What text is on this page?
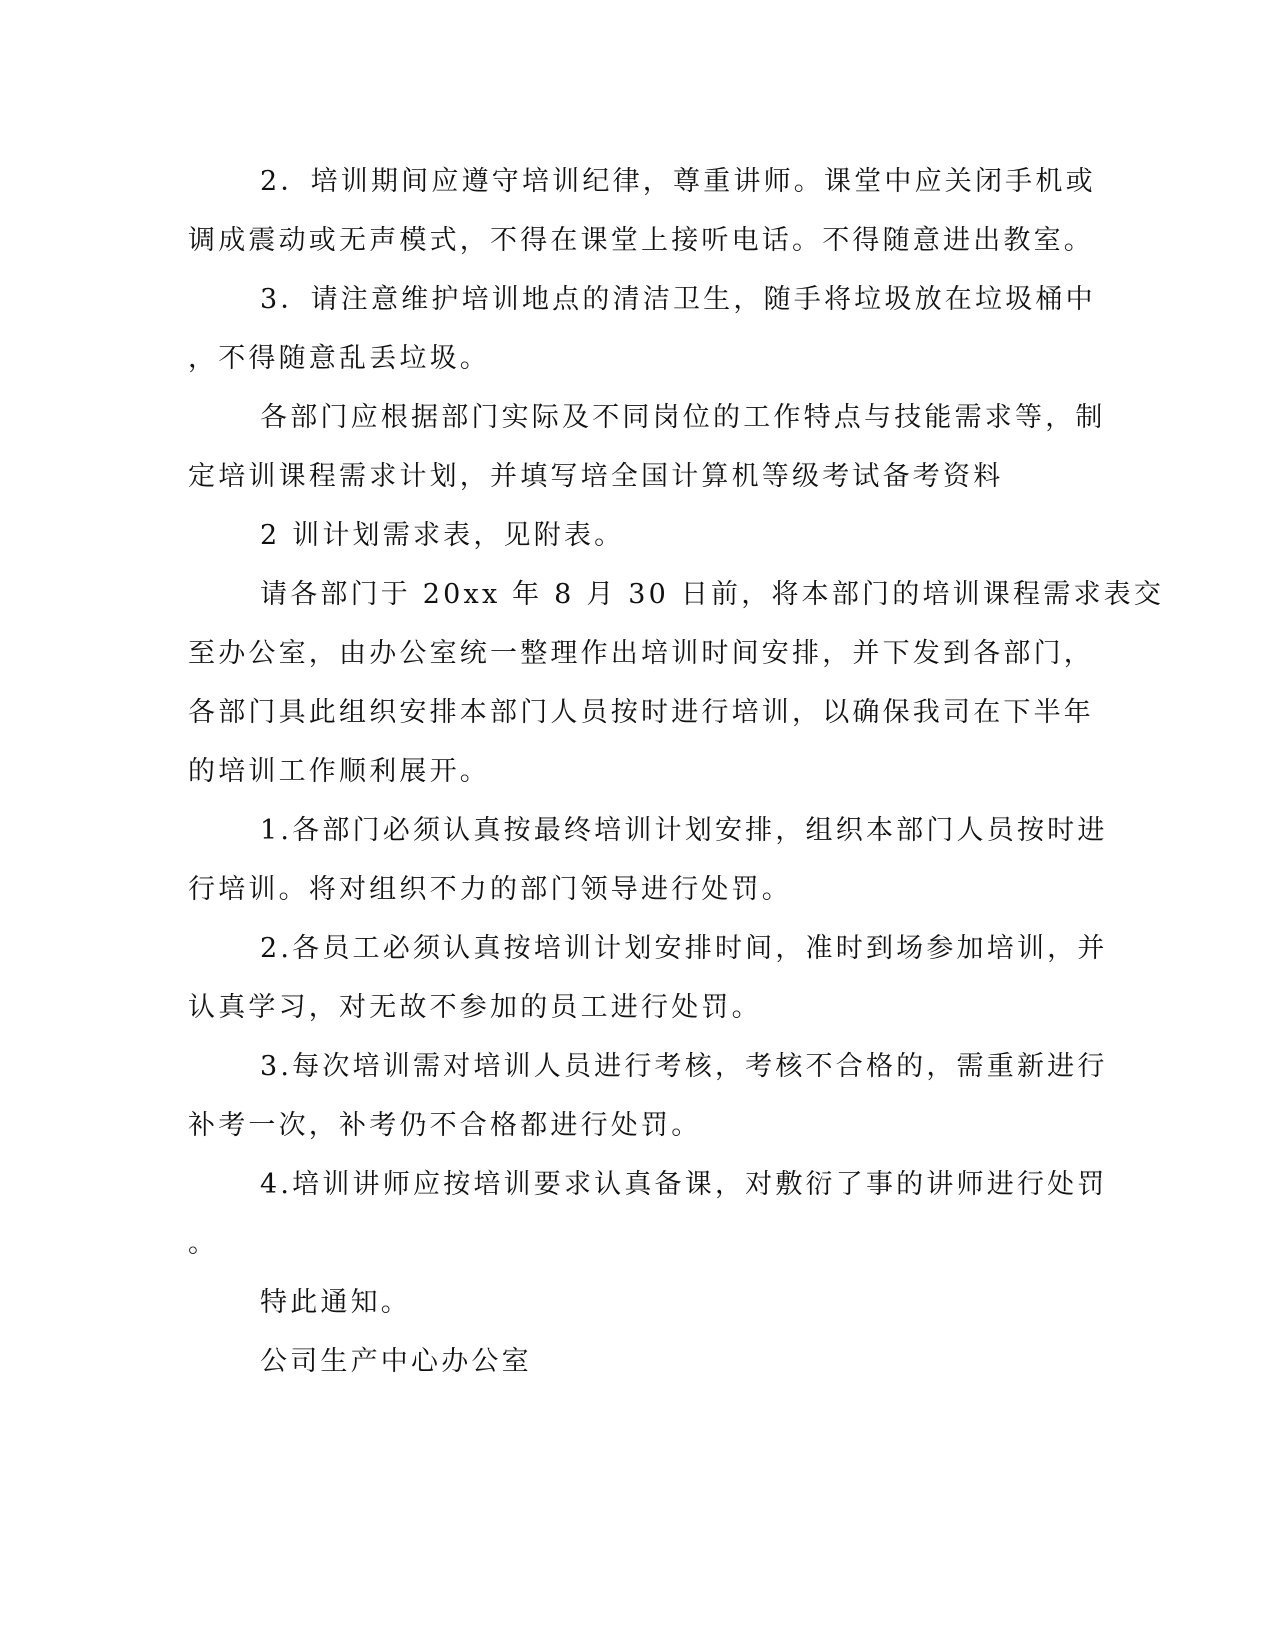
2．培训期间应遵守培训纪律，尊重讲师。课堂中应关闭手机或
调成震动或无声模式，不得在课堂上接听电话。不得随意进出教室。
3．请注意维护培训地点的清洁卫生，随手将垃圾放在垃圾桶中
，不得随意乱丢垃圾。
各部门应根据部门实际及不同岗位的工作特点与技能需求等，制
定培训课程需求计划，并填写培全国计算机等级考试备考资料
2 训计划需求表，见附表。
请各部门于 20xx 年 8 月 30 日前，将本部门的培训课程需求表交
至办公室，由办公室统一整理作出培训时间安排，并下发到各部门，
各部门具此组织安排本部门人员按时进行培训，以确保我司在下半年
的培训工作顺利展开。
1.各部门必须认真按最终培训计划安排，组织本部门人员按时进
行培训。将对组织不力的部门领导进行处罚。
2.各员工必须认真按培训计划安排时间，准时到场参加培训，并
认真学习，对无故不参加的员工进行处罚。
3.每次培训需对培训人员进行考核，考核不合格的，需重新进行
补考一次，补考仍不合格都进行处罚。
4.培训讲师应按培训要求认真备课，对敷衍了事的讲师进行处罚
。
特此通知。
公司生产中心办公室
